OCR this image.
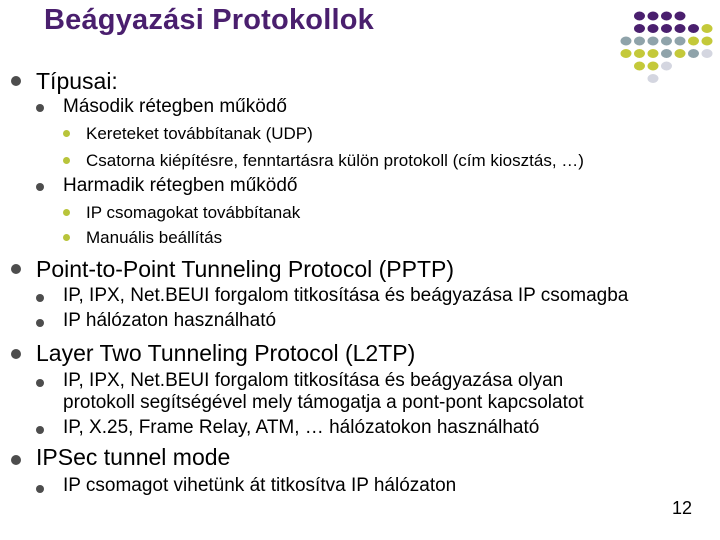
Beágyazási Protokollok
Típusai:
Második rétegben működő
Kereteket továbbítanak (UDP)
Csatorna kiépítésre, fenntartásra külön protokoll (cím kiosztás, …)
Harmadik rétegben működő
IP csomagokat továbbítanak
Manuális beállítás
Point-to-Point Tunneling Protocol (PPTP)
IP, IPX, Net.BEUI forgalom titkosítása és beágyazása IP csomagba
IP hálózaton használható
Layer Two Tunneling Protocol (L2TP)
IP, IPX, Net.BEUI forgalom titkosítása és beágyazása olyan
protokoll segítségével mely támogatja a pont-pont kapcsolatot
IP, X.25, Frame Relay, ATM, … hálózatokon használható
IPSec tunnel mode
IP csomagot vihetünk át titkosítva IP hálózaton
12
